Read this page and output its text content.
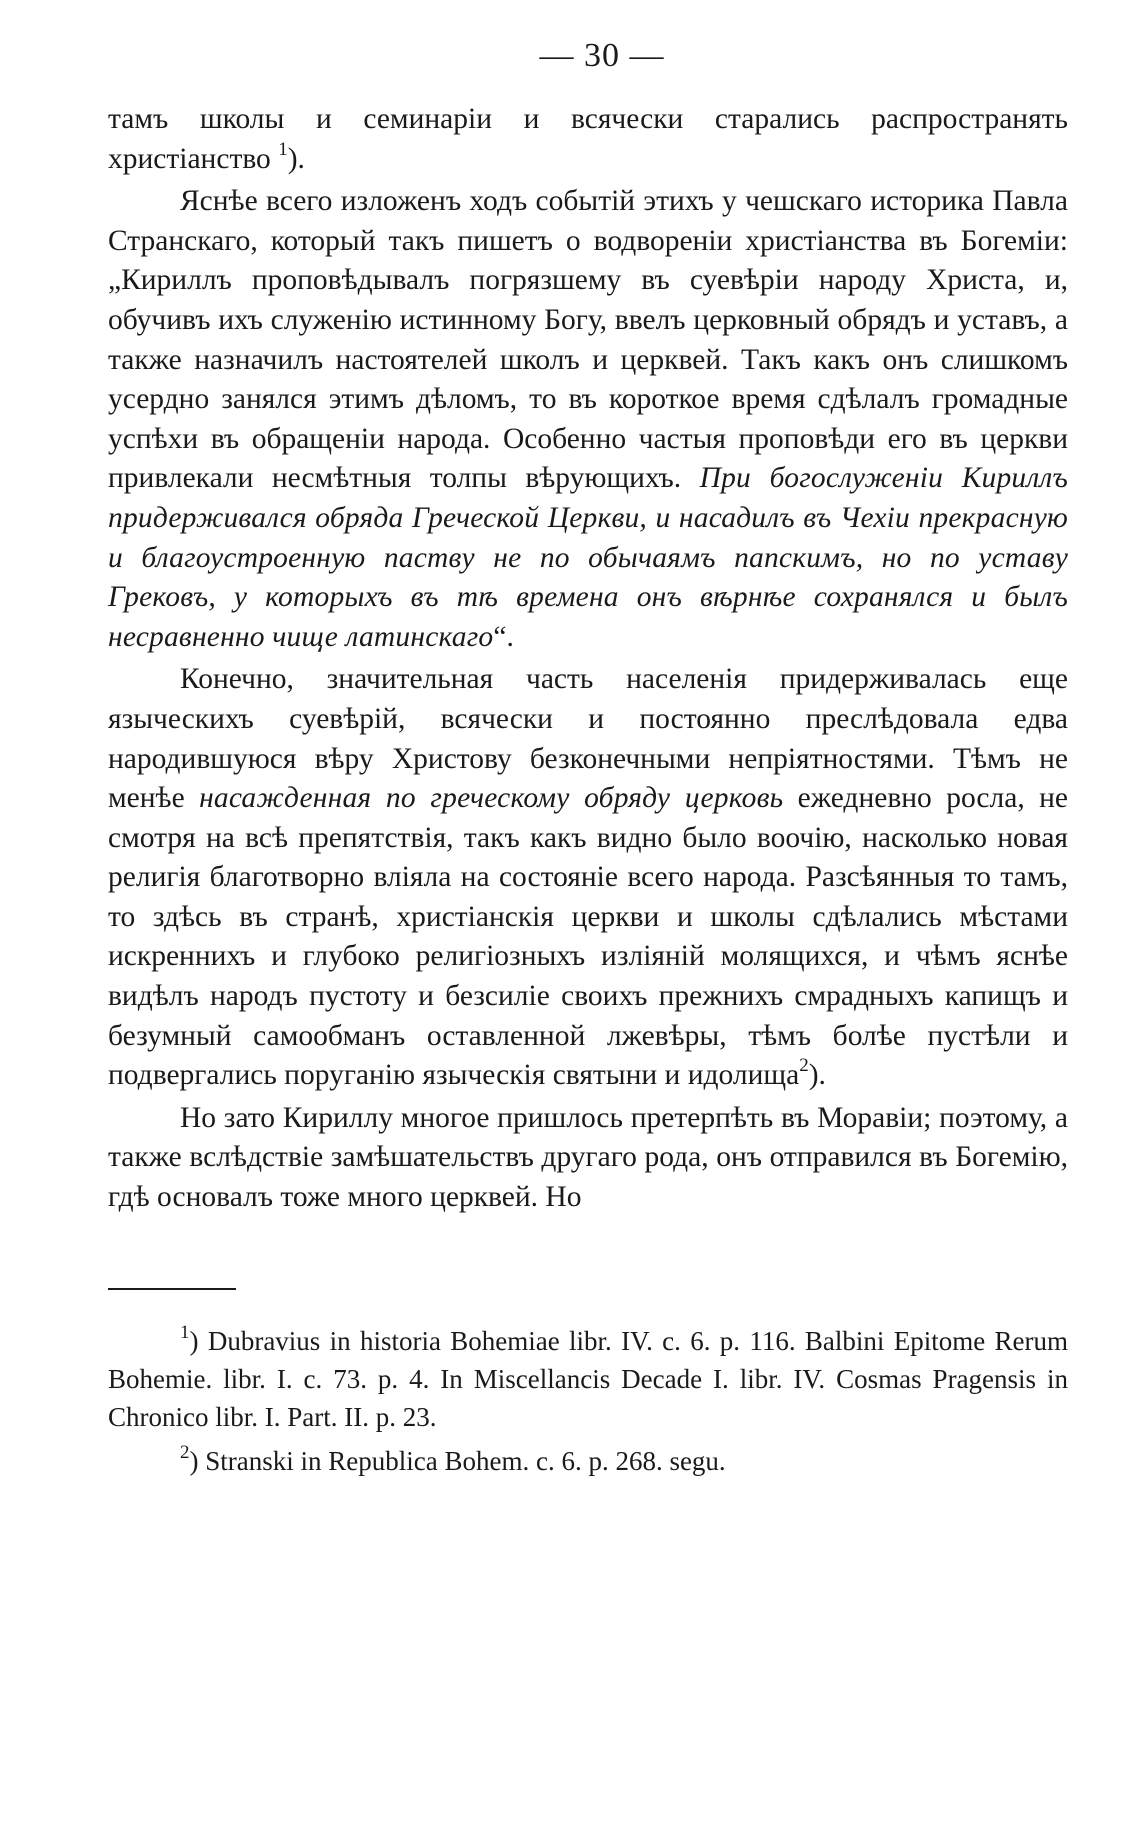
— 30 —

тамъ школы и семинаріи и всячески старались распространять христіанство $^1$).

Яснѣе всего изложенъ ходъ событій этихъ у чешскаго историка Павла Странскаго, который такъ пишетъ о водвореніи христіанства въ Богеміи: „Кириллъ проповѣдывалъ погрязшему въ суевѣріи народу Христа, и, обучивъ ихъ служенію истинному Богу, ввелъ церковный обрядъ и уставъ, а также назначилъ настоятелей школъ и церквей. Такъ какъ онъ слишкомъ усердно занялся этимъ дѣломъ, то въ короткое время сдѣлалъ громадные успѣхи въ обращеніи народа. Особенно частыя проповѣди его въ церкви привлекали несмѣтныя толпы вѣрующихъ. При богослуженіи Кириллъ придерживался обряда Греческой Церкви, и насадилъ въ Чехіи прекрасную и благоустроенную паству не по обычаямъ папскимъ, но по уставу Грековъ, у которыхъ въ тѣ времена онъ вѣрнѣе сохранялся и былъ несравненно чище латинскаго“.

Конечно, значительная часть населенія придерживалась еще языческихъ суевѣрій, всячески и постоянно преслѣдовала едва народившуюся вѣру Христову безконечными непріятностями. Тѣмъ не менѣе насажденная по греческому обряду церковь ежедневно росла, не смотря на всѣ препятствія, такъ какъ видно было воочію, насколько новая религія благотворно вліяла на состояніе всего народа. Разсѣянныя то тамъ, то здѣсь въ странѣ, христіанскія церкви и школы сдѣлались мѣстами искреннихъ и глубоко религіозныхъ изліяній молящихся, и чѣмъ яснѣе видѣлъ народъ пустоту и безсиліе своихъ прежнихъ смрадныхъ капищъ и безумный самообманъ оставленной лжевѣры, тѣмъ болѣе пустѣли и подвергались поруганію языческія святыни и идолища$^2$).

Но зато Кириллу многое пришлось претерпѣть въ Моравіи; поэтому, а также вслѣдствіе замѣшательствъ другаго рода, онъ отправился въ Богемію, гдѣ основалъ тоже много церквей. Но

$^1$) Dubravius in historia Bohemiae libr. IV. c. 6. p. 116. Balbini Epitome Rerum Bohemie. libr. I. c. 73. p. 4. In Miscellancis Decade I. libr. IV. Cosmas Pragensis in Chronico libr. I. Part. II. p. 23.

$^2$) Stranski in Republica Bohem. c. 6. p. 268. segu.
